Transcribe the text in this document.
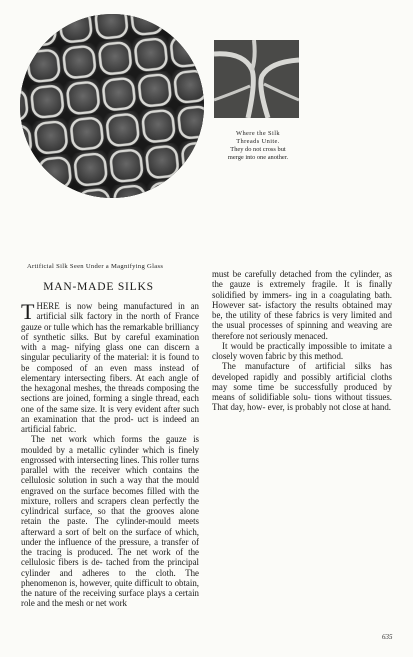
Where the Silk
Threads Unite.
They do not cross but
merge into one another.
Artificial Silk Seen Under a Magnifying Glass
MAN-MADE SILKS

T HERE is now being manufactured in an artificial silk factory in the north of France gauze or tulle which has the remarkable brilliancy of synthetic silks. But by careful examination with a mag- nifying glass one can discern a singular peculiarity of the material: it is found to be composed of an even mass instead of elementary intersecting fibers. At each angle of the hexagonal meshes, the threads composing the sections are joined, forming a single thread, each one of the same size. It is very evident after such an examination that the prod- uct is indeed an artificial fabric.

The net work which forms the gauze is moulded by a metallic cylinder which is finely engrossed with intersecting lines. This roller turns parallel with the receiver which contains the cellulosic solution in such a way that the mould engraved on the surface becomes filled with the mixture, rollers and scrapers clean perfectly the cylindrical surface, so that the grooves alone retain the paste. The cylinder-mould meets afterward a sort of belt on the surface of which, under the influence of the pressure, a transfer of the tracing is produced. The net work of the cellulosic fibers is de- tached from the principal cylinder and adheres to the cloth. The phenomenon is, however, quite difficult to obtain, the nature of the receiving surface plays a certain role and the mesh or net work

must be carefully detached from the cylinder, as the gauze is extremely fragile. It is finally solidified by immers- ing in a coagulating bath. However sat- isfactory the results obtained may be, the utility of these fabrics is very limited and the usual processes of spinning and weaving are therefore not seriously menaced.

It would be practically impossible to imitate a closely woven fabric by this method.

The manufacture of artificial silks has developed rapidly and possibly artificial cloths may some time be successfully produced by means of solidifiable solu- tions without tissues. That day, how- ever, is probably not close at hand.

635
